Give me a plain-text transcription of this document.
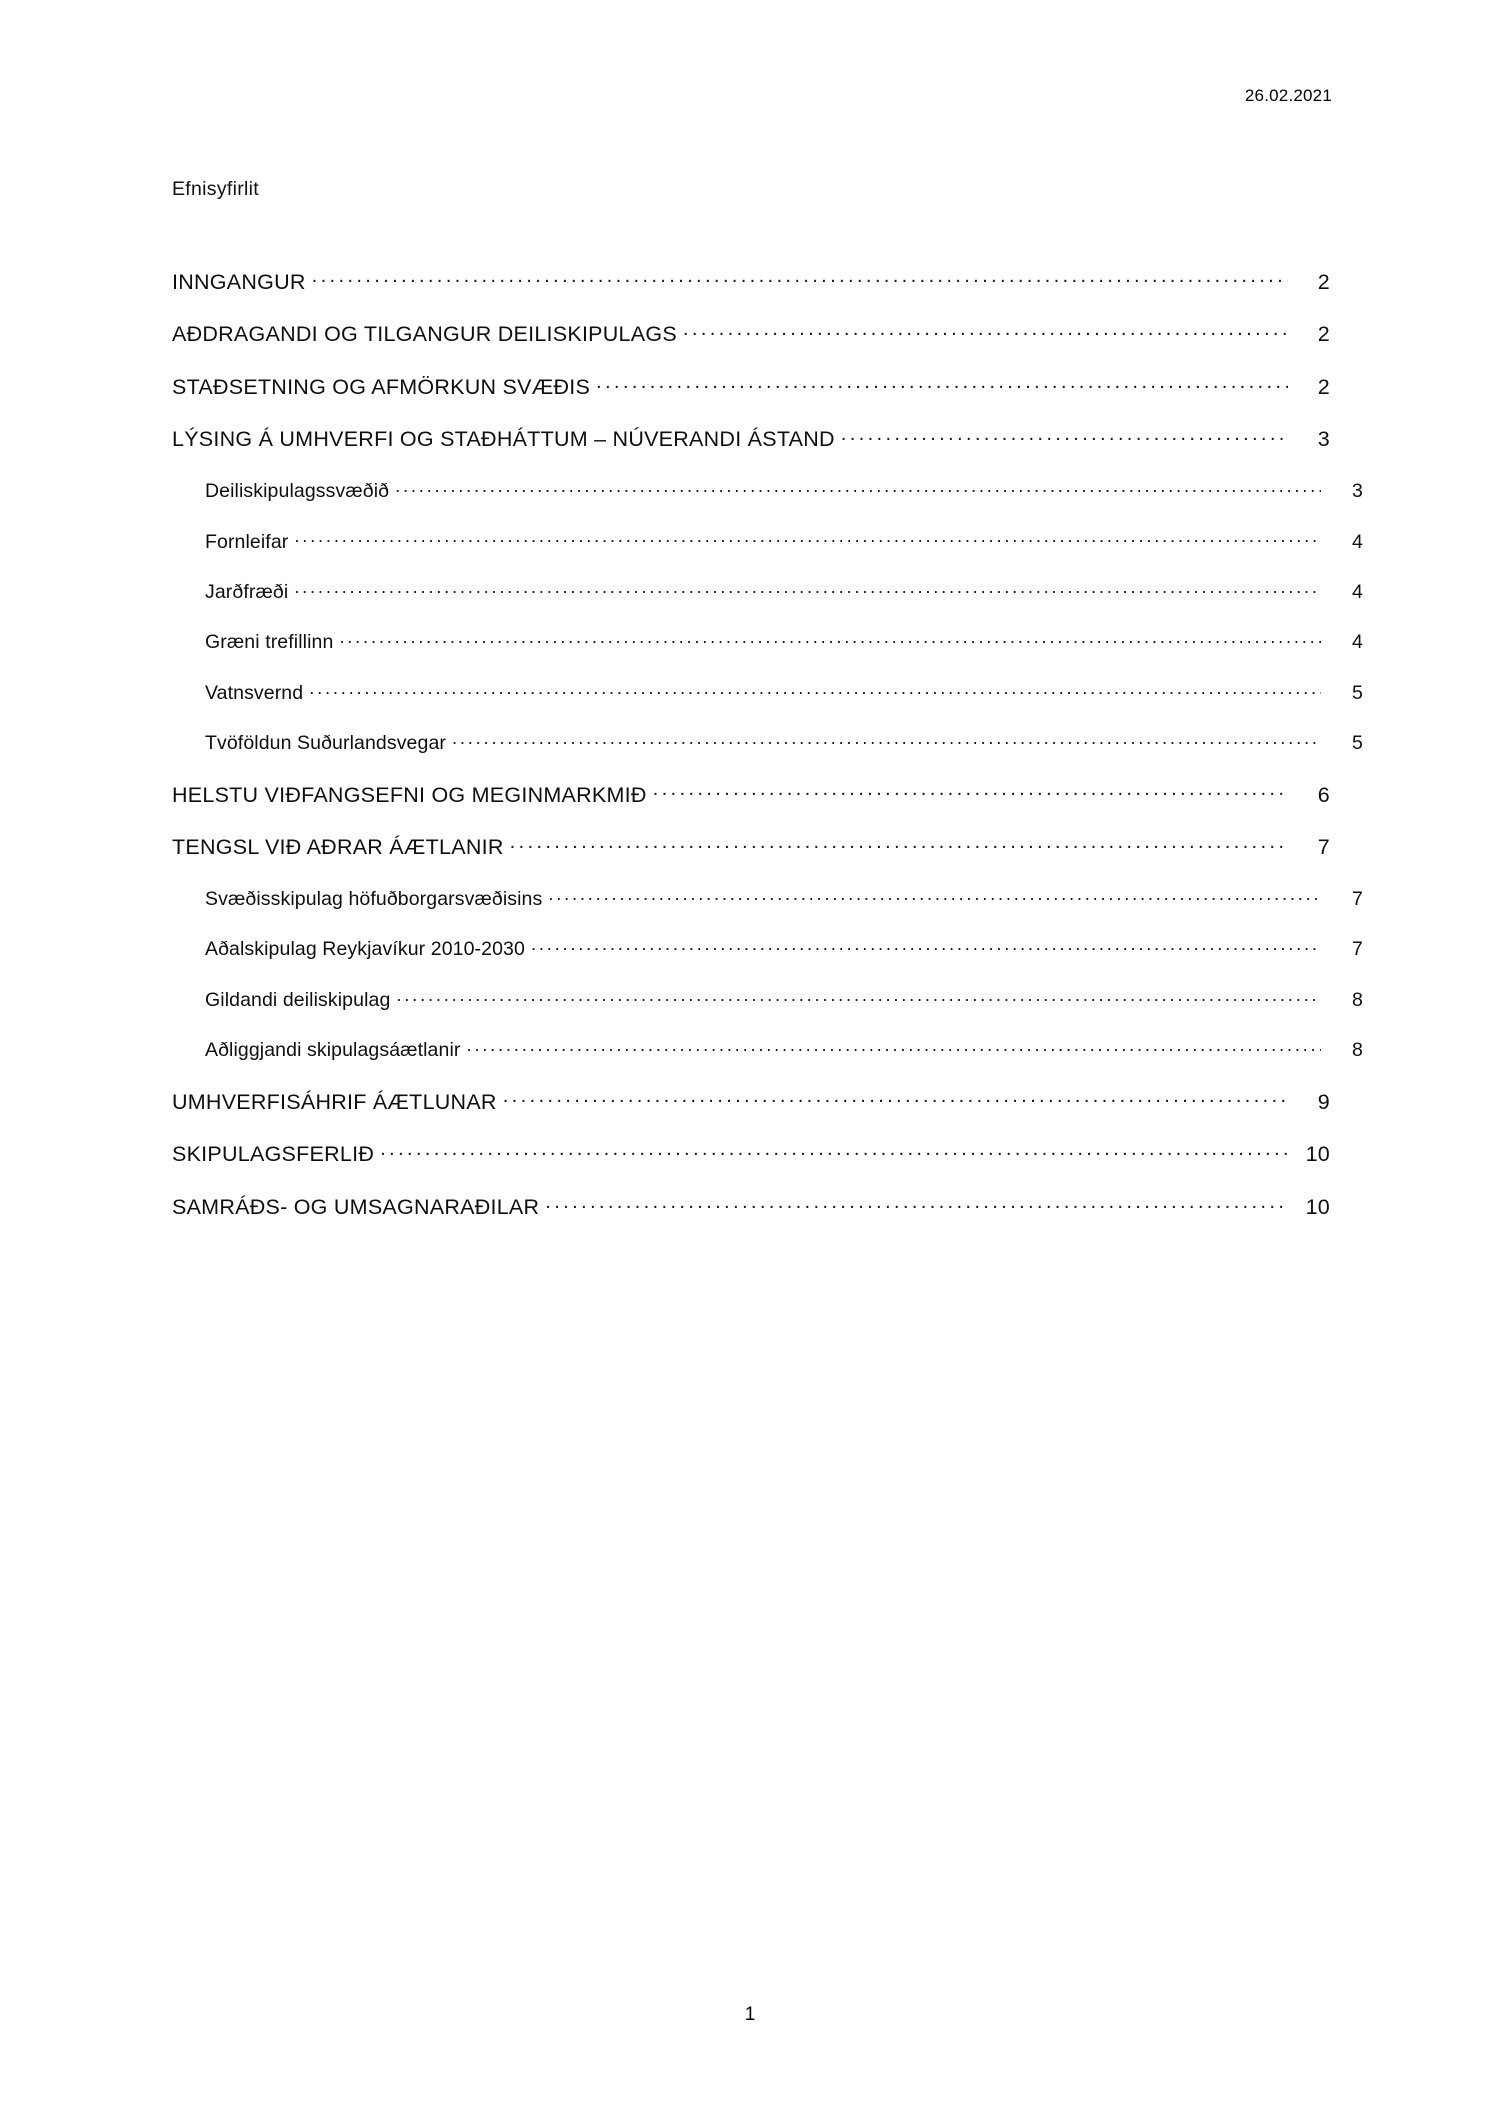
26.02.2021
Efnisyfirlit
INNGANGUR . . .	2
AÐDRAGANDI OG TILGANGUR DEILISKIPULAGS . . .	2
STAÐSETNING OG AFMÖRKUN SVÆÐIS . . .	2
LÝSING Á UMHVERFI OG STAÐHÁTTUM – NÚVERANDI ÁSTAND . . .	3
Deiliskipulagssvæðið . . .	3
Fornleifar . . .	4
Jarðfræði . . .	4
Græni trefillinn . . .	4
Vatnsvernd . . .	5
Tvöföldun Suðurlandsvegar . . .	5
HELSTU VIÐFANGSEFNI OG MEGINMARKMIÐ . . .	6
TENGSL VIÐ AÐRAR ÁÆTLANIR . . .	7
Svæðisskipulag höfuðborgarsvæðisins . . .	7
Aðalskipulag Reykjavíkur 2010-2030 . . .	7
Gildandi deiliskipulag . . .	8
Aðliggjandi skipulagsáætlanir . . .	8
UMHVERFISÁHRIF ÁÆTLUNAR . . .	9
SKIPULAGSFERLIÐ . . .	10
SAMRÁÐS- OG UMSAGNARAÐILAR . . .	10
1
